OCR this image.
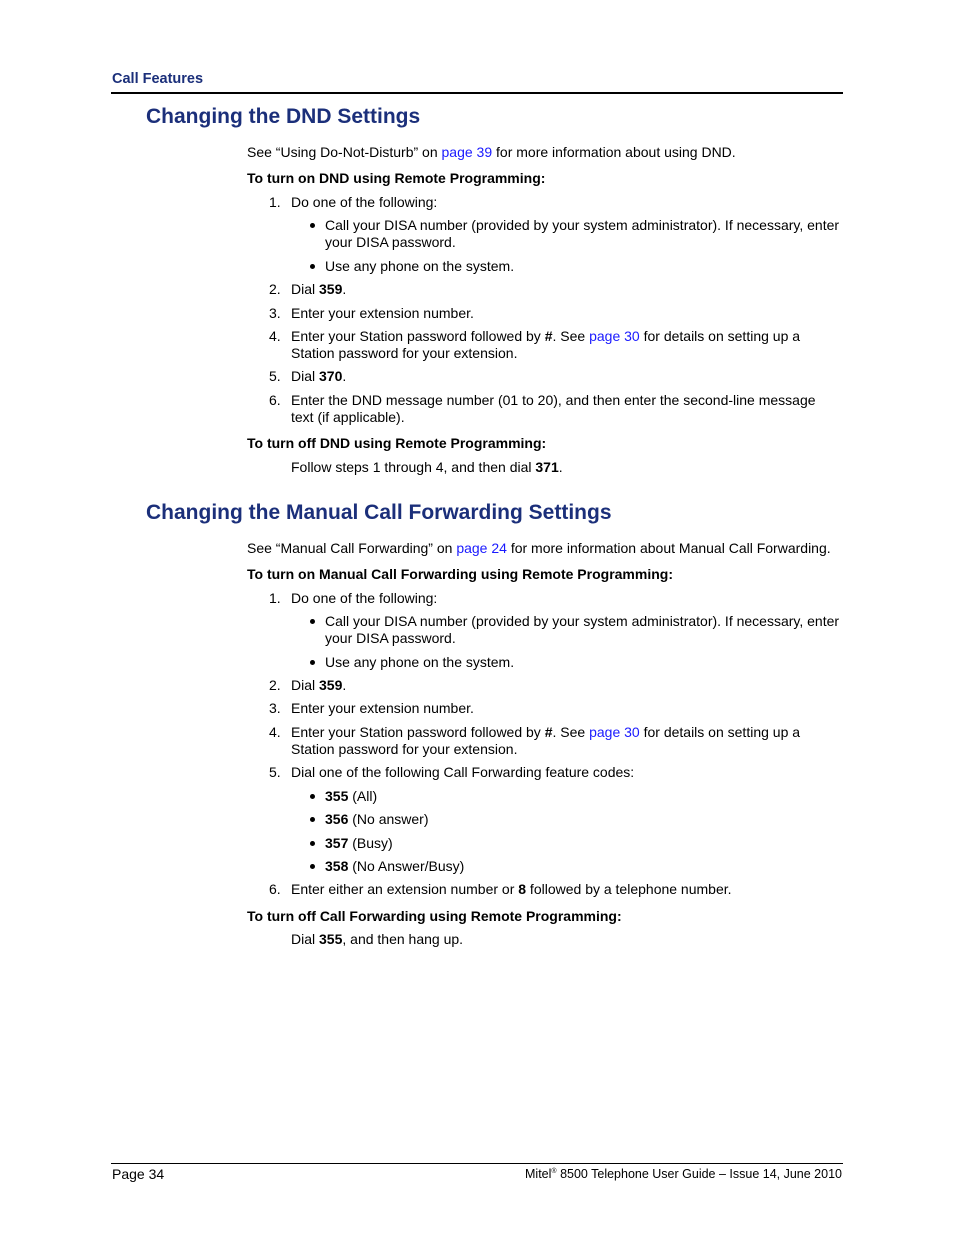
Call Features
Changing the DND Settings
See “Using Do-Not-Disturb” on page 39 for more information about using DND.
To turn on DND using Remote Programming:
1. Do one of the following:
Call your DISA number (provided by your system administrator). If necessary, enter
your DISA password.
Use any phone on the system.
2. Dial 359.
3. Enter your extension number.
4. Enter your Station password followed by #. See page 30 for details on setting up a
Station password for your extension.
5. Dial 370.
6. Enter the DND message number (01 to 20), and then enter the second-line message
text (if applicable).
To turn off DND using Remote Programming:
Follow steps 1 through 4, and then dial 371.
Changing the Manual Call Forwarding Settings
See “Manual Call Forwarding” on page 24 for more information about Manual Call Forwarding.
To turn on Manual Call Forwarding using Remote Programming:
1. Do one of the following:
Call your DISA number (provided by your system administrator). If necessary, enter
your DISA password.
Use any phone on the system.
2. Dial 359.
3. Enter your extension number.
4. Enter your Station password followed by #. See page 30 for details on setting up a
Station password for your extension.
5. Dial one of the following Call Forwarding feature codes:
355 (All)
356 (No answer)
357 (Busy)
358 (No Answer/Busy)
6. Enter either an extension number or 8 followed by a telephone number.
To turn off Call Forwarding using Remote Programming:
Dial 355, and then hang up.
Page 34	Mitel® 8500 Telephone User Guide – Issue 14, June 2010
